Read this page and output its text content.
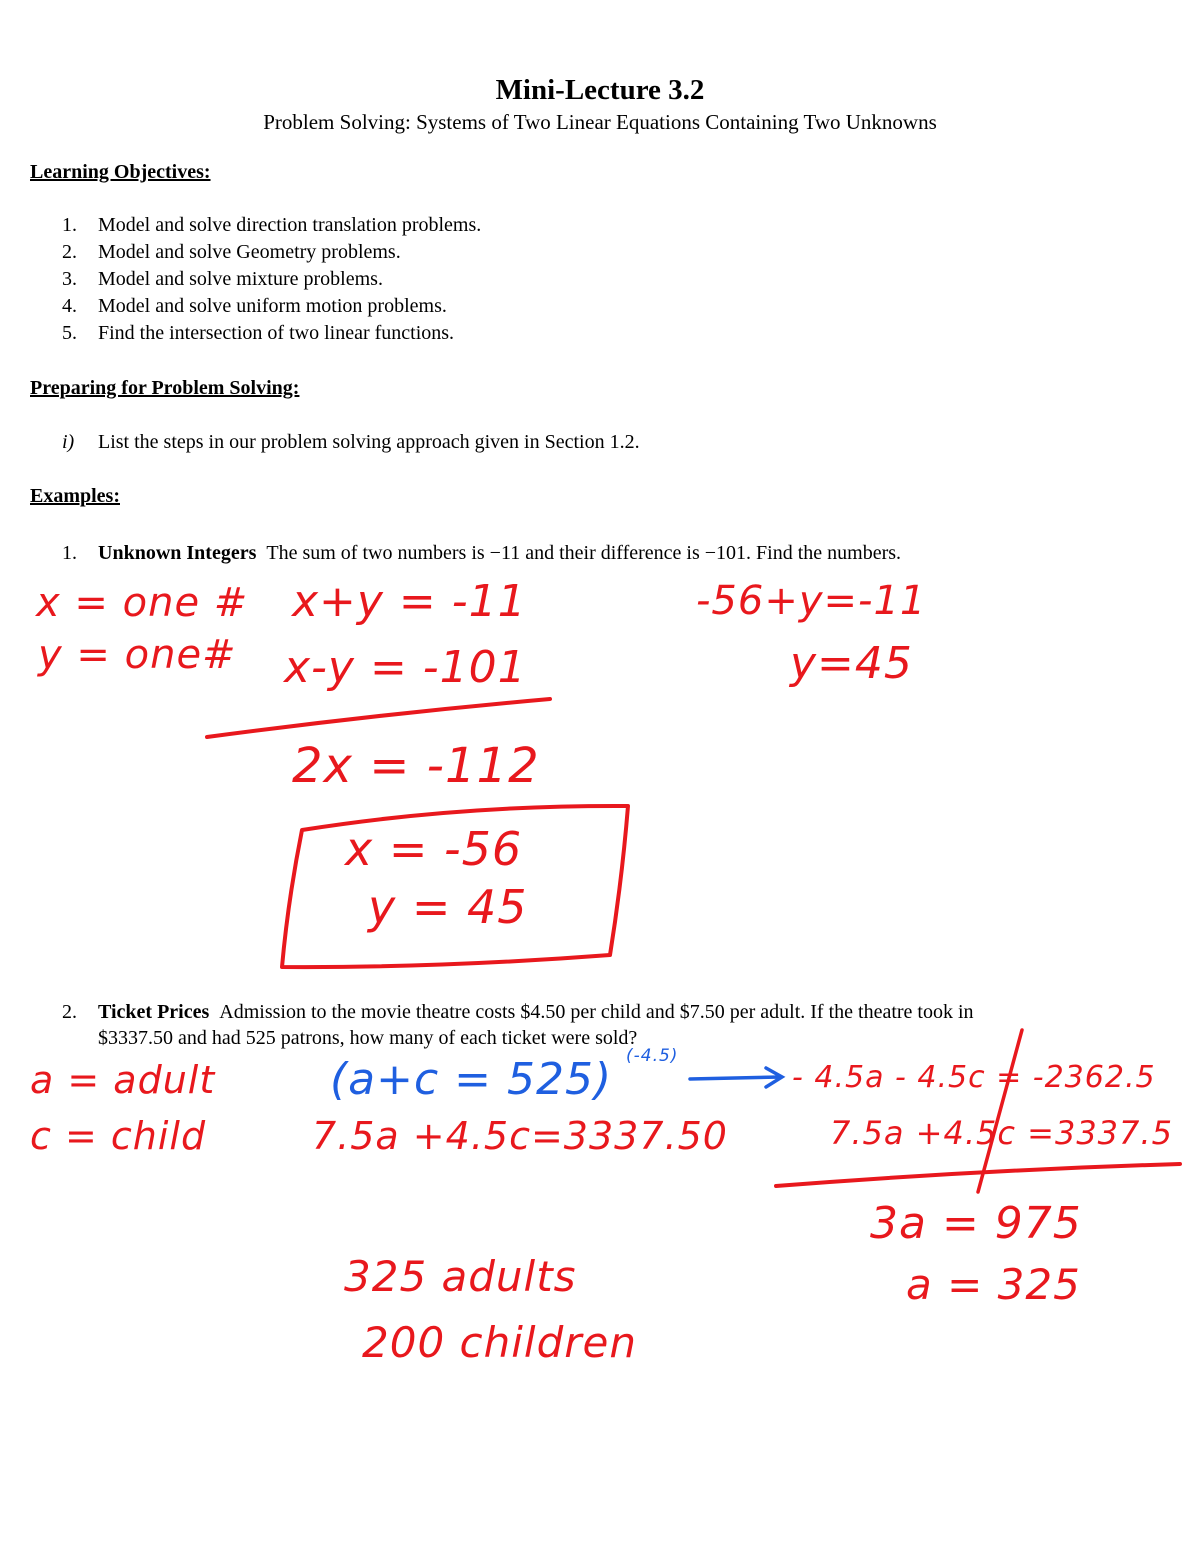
Mini-Lecture 3.2
Problem Solving: Systems of Two Linear Equations Containing Two Unknowns
Learning Objectives:
1. Model and solve direction translation problems.
2. Model and solve Geometry problems.
3. Model and solve mixture problems.
4. Model and solve uniform motion problems.
5. Find the intersection of two linear functions.
Preparing for Problem Solving:
i) List the steps in our problem solving approach given in Section 1.2.
Examples:
1. Unknown Integers The sum of two numbers is −11 and their difference is −101. Find the numbers.
2. Ticket Prices Admission to the movie theatre costs $4.50 per child and $7.50 per adult. If the theatre took in
$3337.50 and had 525 patrons, how many of each ticket were sold?
x = one #
y = one#
x+y = -11
x-y = -101
2x = -112
x = -56
y = 45
-56+y=-11
y=45
a = adult
c = child
(a+c = 525) (-4.5)
7.5a +4.5c=3337.50
- 4.5a - 4.5c = -2362.5
7.5a +4.5c =3337.5
3a = 975
a = 325
325 adults
200 children
